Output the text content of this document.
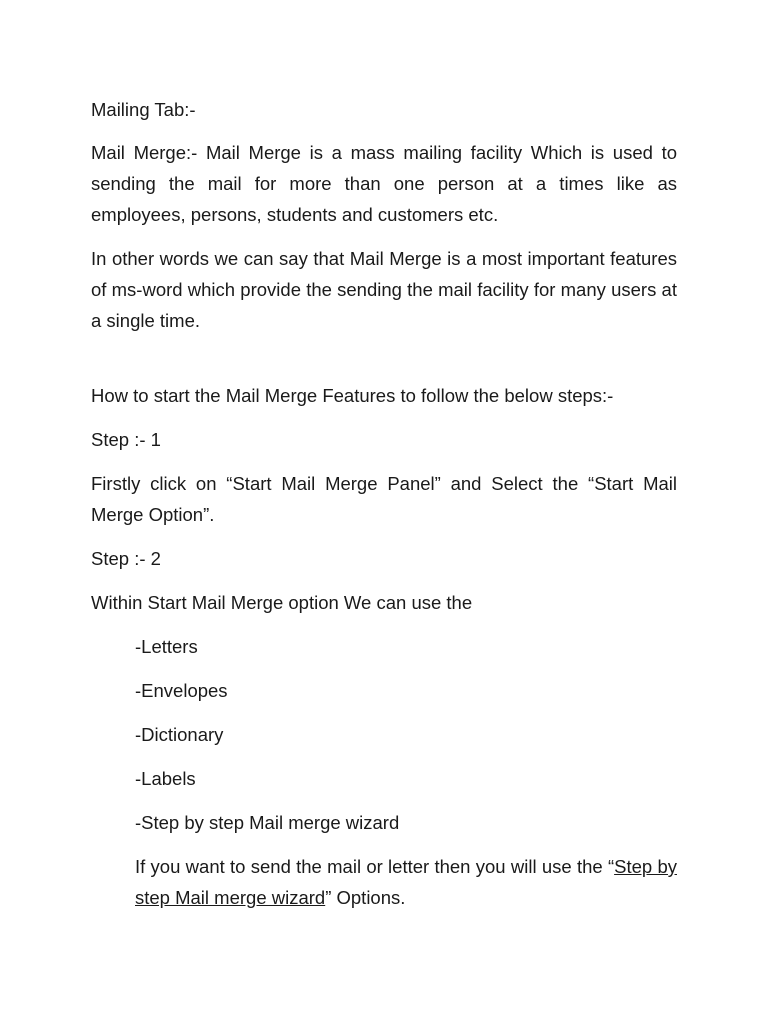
Mailing Tab:-

Mail Merge:- Mail Merge is a mass mailing facility Which is used to sending the mail for more than one person at a times like as employees, persons, students and customers etc.

In other words we can say that Mail Merge is a most important features of ms-word which provide the sending the mail facility for many users at a single time.

How to start the Mail Merge Features to follow the below steps:-

Step :- 1

Firstly click on “Start Mail Merge Panel” and Select the “Start Mail Merge Option”.

Step :- 2

Within Start Mail Merge option We can use the

-Letters

-Envelopes

-Dictionary

-Labels

-Step by step Mail merge wizard

If you want to send the mail or letter then you will use the “Step by step Mail merge wizard” Options.
